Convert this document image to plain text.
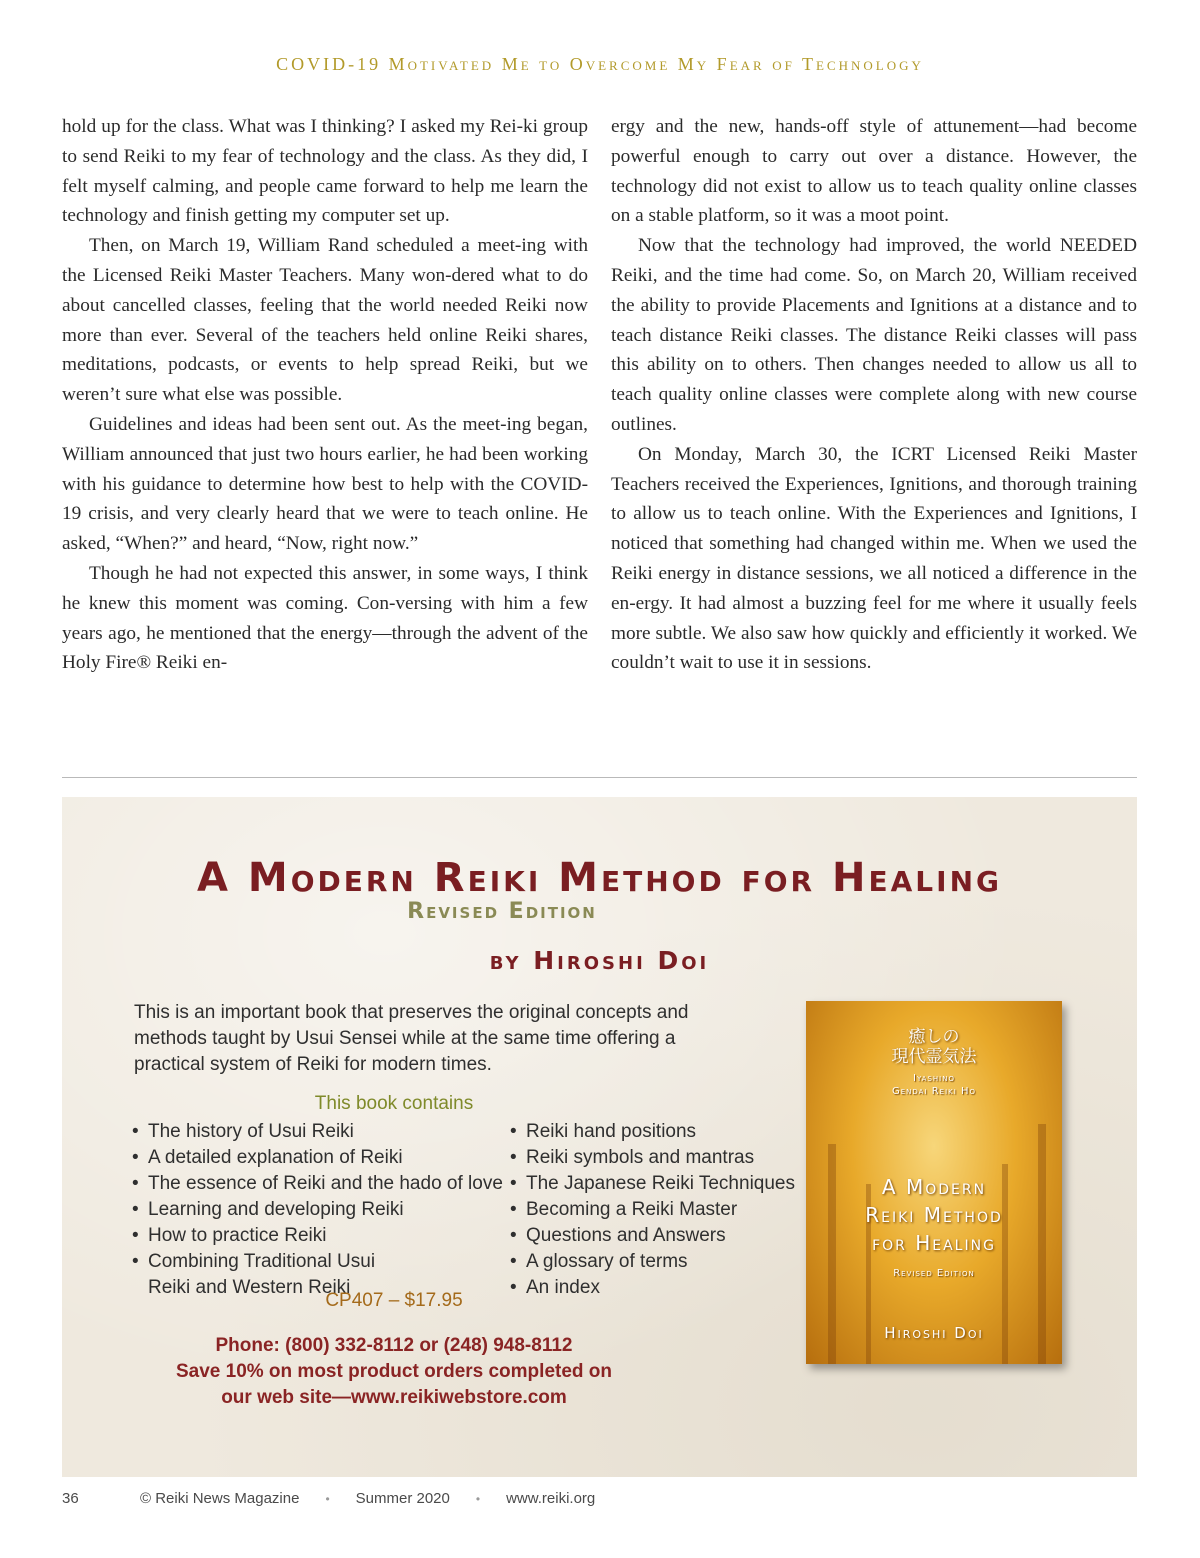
COVID-19 Motivated Me to Overcome My Fear of Technology

hold up for the class. What was I thinking? I asked my Rei-ki group to send Reiki to my fear of technology and the class. As they did, I felt myself calming, and people came forward to help me learn the technology and finish getting my computer set up.

Then, on March 19, William Rand scheduled a meet-ing with the Licensed Reiki Master Teachers. Many won-dered what to do about cancelled classes, feeling that the world needed Reiki now more than ever. Several of the teachers held online Reiki shares, meditations, podcasts, or events to help spread Reiki, but we weren’t sure what else was possible.

Guidelines and ideas had been sent out. As the meet-ing began, William announced that just two hours earlier, he had been working with his guidance to determine how best to help with the COVID-19 crisis, and very clearly heard that we were to teach online. He asked, “When?” and heard, “Now, right now.”

Though he had not expected this answer, in some ways, I think he knew this moment was coming. Con-versing with him a few years ago, he mentioned that the energy—through the advent of the Holy Fire® Reiki en-

ergy and the new, hands-off style of attunement—had become powerful enough to carry out over a distance. However, the technology did not exist to allow us to teach quality online classes on a stable platform, so it was a moot point.

Now that the technology had improved, the world NEEDED Reiki, and the time had come. So, on March 20, William received the ability to provide Placements and Ignitions at a distance and to teach distance Reiki classes. The distance Reiki classes will pass this ability on to others. Then changes needed to allow us all to teach quality online classes were complete along with new course outlines.

On Monday, March 30, the ICRT Licensed Reiki Master Teachers received the Experiences, Ignitions, and thorough training to allow us to teach online. With the Experiences and Ignitions, I noticed that something had changed within me. When we used the Reiki energy in distance sessions, we all noticed a difference in the en-ergy. It had almost a buzzing feel for me where it usually feels more subtle. We also saw how quickly and efficiently it worked. We couldn’t wait to use it in sessions.

A Modern Reiki Method for Healing
Revised Edition
by Hiroshi Doi
This is an important book that preserves the original concepts and methods taught by Usui Sensei while at the same time offering a practical system of Reiki for modern times.
This book contains
• The history of Usui Reiki
• A detailed explanation of Reiki
• The essence of Reiki and the hado of love
• Learning and developing Reiki
• How to practice Reiki
• Combining Traditional Usui
Reiki and Western Reiki
• Reiki hand positions
• Reiki symbols and mantras
• The Japanese Reiki Techniques
• Becoming a Reiki Master
• Questions and Answers
• A glossary of terms
• An index
CP407 – $17.95
Phone: (800) 332-8112 or (248) 948-8112
Save 10% on most product orders completed on
our web site—www.reikiwebstore.com
癒しの
現代霊気法
Iyashino
Gendai Reiki Ho
A Modern
Reiki Method
for Healing
Revised Edition
Hiroshi Doi
36	© Reiki News Magazine • Summer 2020 • www.reiki.org
